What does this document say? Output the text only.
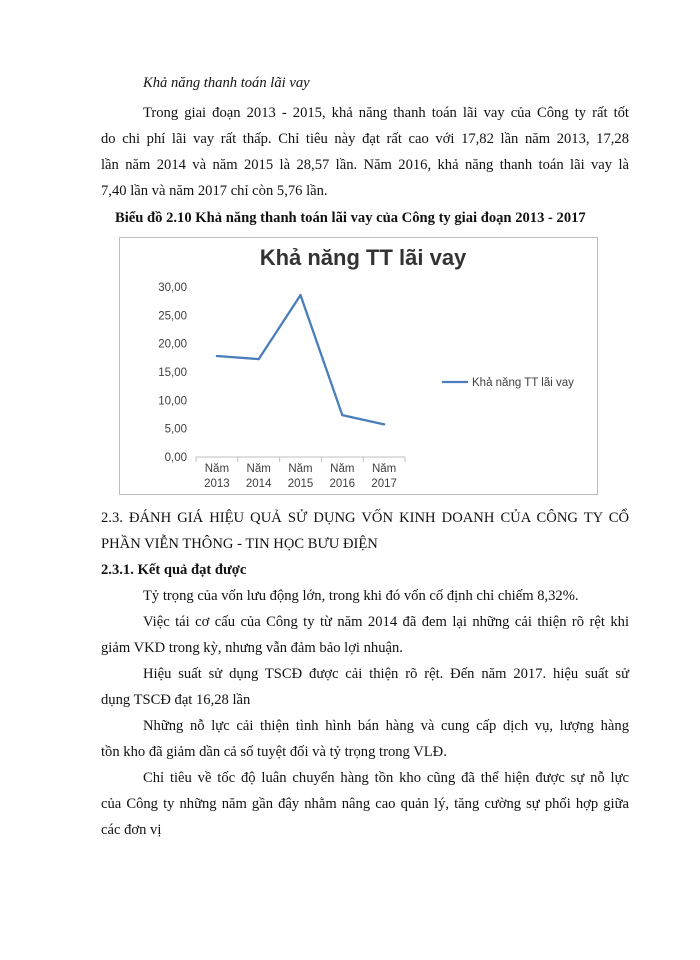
Khả năng thanh toán lãi vay
Trong giai đoạn 2013 - 2015, khả năng thanh toán lãi vay của Công ty rất tốt
do chi phí lãi vay rất thấp. Chỉ tiêu này đạt rất cao với 17,82 lần năm 2013, 17,28
lần năm 2014 và năm 2015 là 28,57 lần. Năm 2016, khả năng thanh toán lãi vay là
7,40 lần và năm 2017 chỉ còn 5,76 lần.
Biểu đồ 2.10 Khả năng thanh toán lãi vay của Công ty giai đoạn 2013 - 2017
Khả năng TT lãi vay
0,00
5,00
10,00
15,00
20,00
25,00
30,00
Năm
2013
Năm
2014
Năm
2015
Năm
2016
Năm
2017
Khả năng TT lãi vay
2.3. ĐÁNH GIÁ HIỆU QUẢ SỬ DỤNG VỐN KINH DOANH CỦA CÔNG TY CỔ
PHẦN VIỄN THÔNG - TIN HỌC BƯU ĐIỆN
2.3.1. Kết quả đạt được
Tỷ trọng của vốn lưu động lớn, trong khi đó vốn cố định chỉ chiếm 8,32%.
Việc tái cơ cấu của Công ty từ năm 2014 đã đem lại những cải thiện rõ rệt khi
giảm VKD trong kỳ, nhưng vẫn đảm bảo lợi nhuận.
Hiệu suất sử dụng TSCĐ được cải thiện rõ rệt. Đến năm 2017. hiệu suất sử
dụng TSCĐ đạt 16,28 lần
Những nỗ lực cải thiện tình hình bán hàng và cung cấp dịch vụ, lượng hàng
tồn kho đã giảm dần cả số tuyệt đối và tỷ trọng trong VLĐ.
Chỉ tiêu về tốc độ luân chuyển hàng tồn kho cũng đã thể hiện được sự nỗ lực
của Công ty những năm gần đây nhằm nâng cao quản lý, tăng cường sự phối hợp giữa
các đơn vị
